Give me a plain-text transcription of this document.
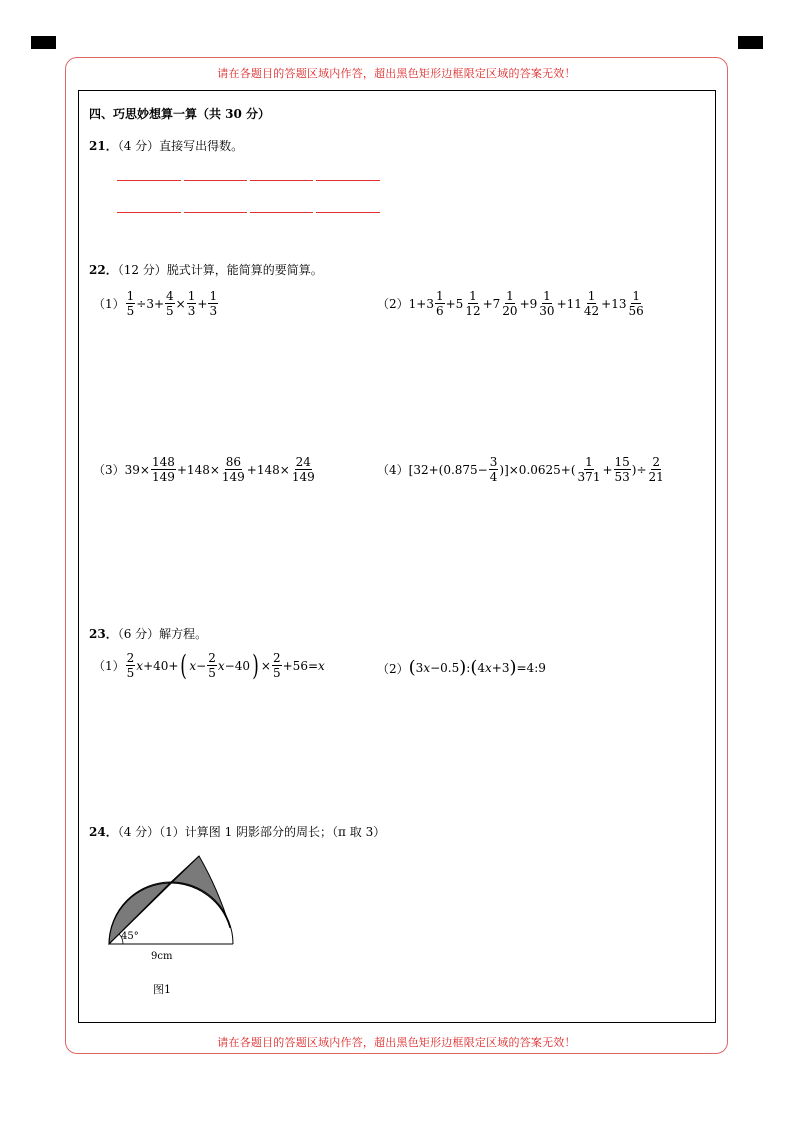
请在各题目的答题区域内作答，超出黑色矩形边框限定区域的答案无效！
请在各题目的答题区域内作答，超出黑色矩形边框限定区域的答案无效！
四、巧思妙想算一算（共 30 分）
21．（4 分）直接写出得数。
22．（12 分）脱式计算，能简算的要简算。
$(1) \frac{1}{5} \div 3+ \frac{4}{5} \times \frac{1}{3} + \frac{1}{3}$	（2） $1+3 \frac{1}{6} +5 \frac{1}{12} +7 \frac{1}{20} +9 \frac{1}{30} +11 \frac{1}{42} +13 \frac{1}{56}$
（3） $39\times \frac{148}{149} +148\times \frac{86}{149} +148\times \frac{24}{149}$	（4） $[32+(0.875- \frac{3}{4} )]\times 0.0625+( \frac{1}{371} + \frac{15}{53}$ )÷ $\frac{2}{21}$
23．（6 分）解方程。
$(1) \frac{2}{5}$ x +40+ ( $x - \frac{2}{5}$ x −40 ) × $\frac{2}{5} +56= x$	（2） ( 3 x −0.5 ) : ( 4 x +3 ) =4:9
24．（4 分）（1）计算图 1 阴影部分的周长；（π 取 3）
45°
9cm
图1
